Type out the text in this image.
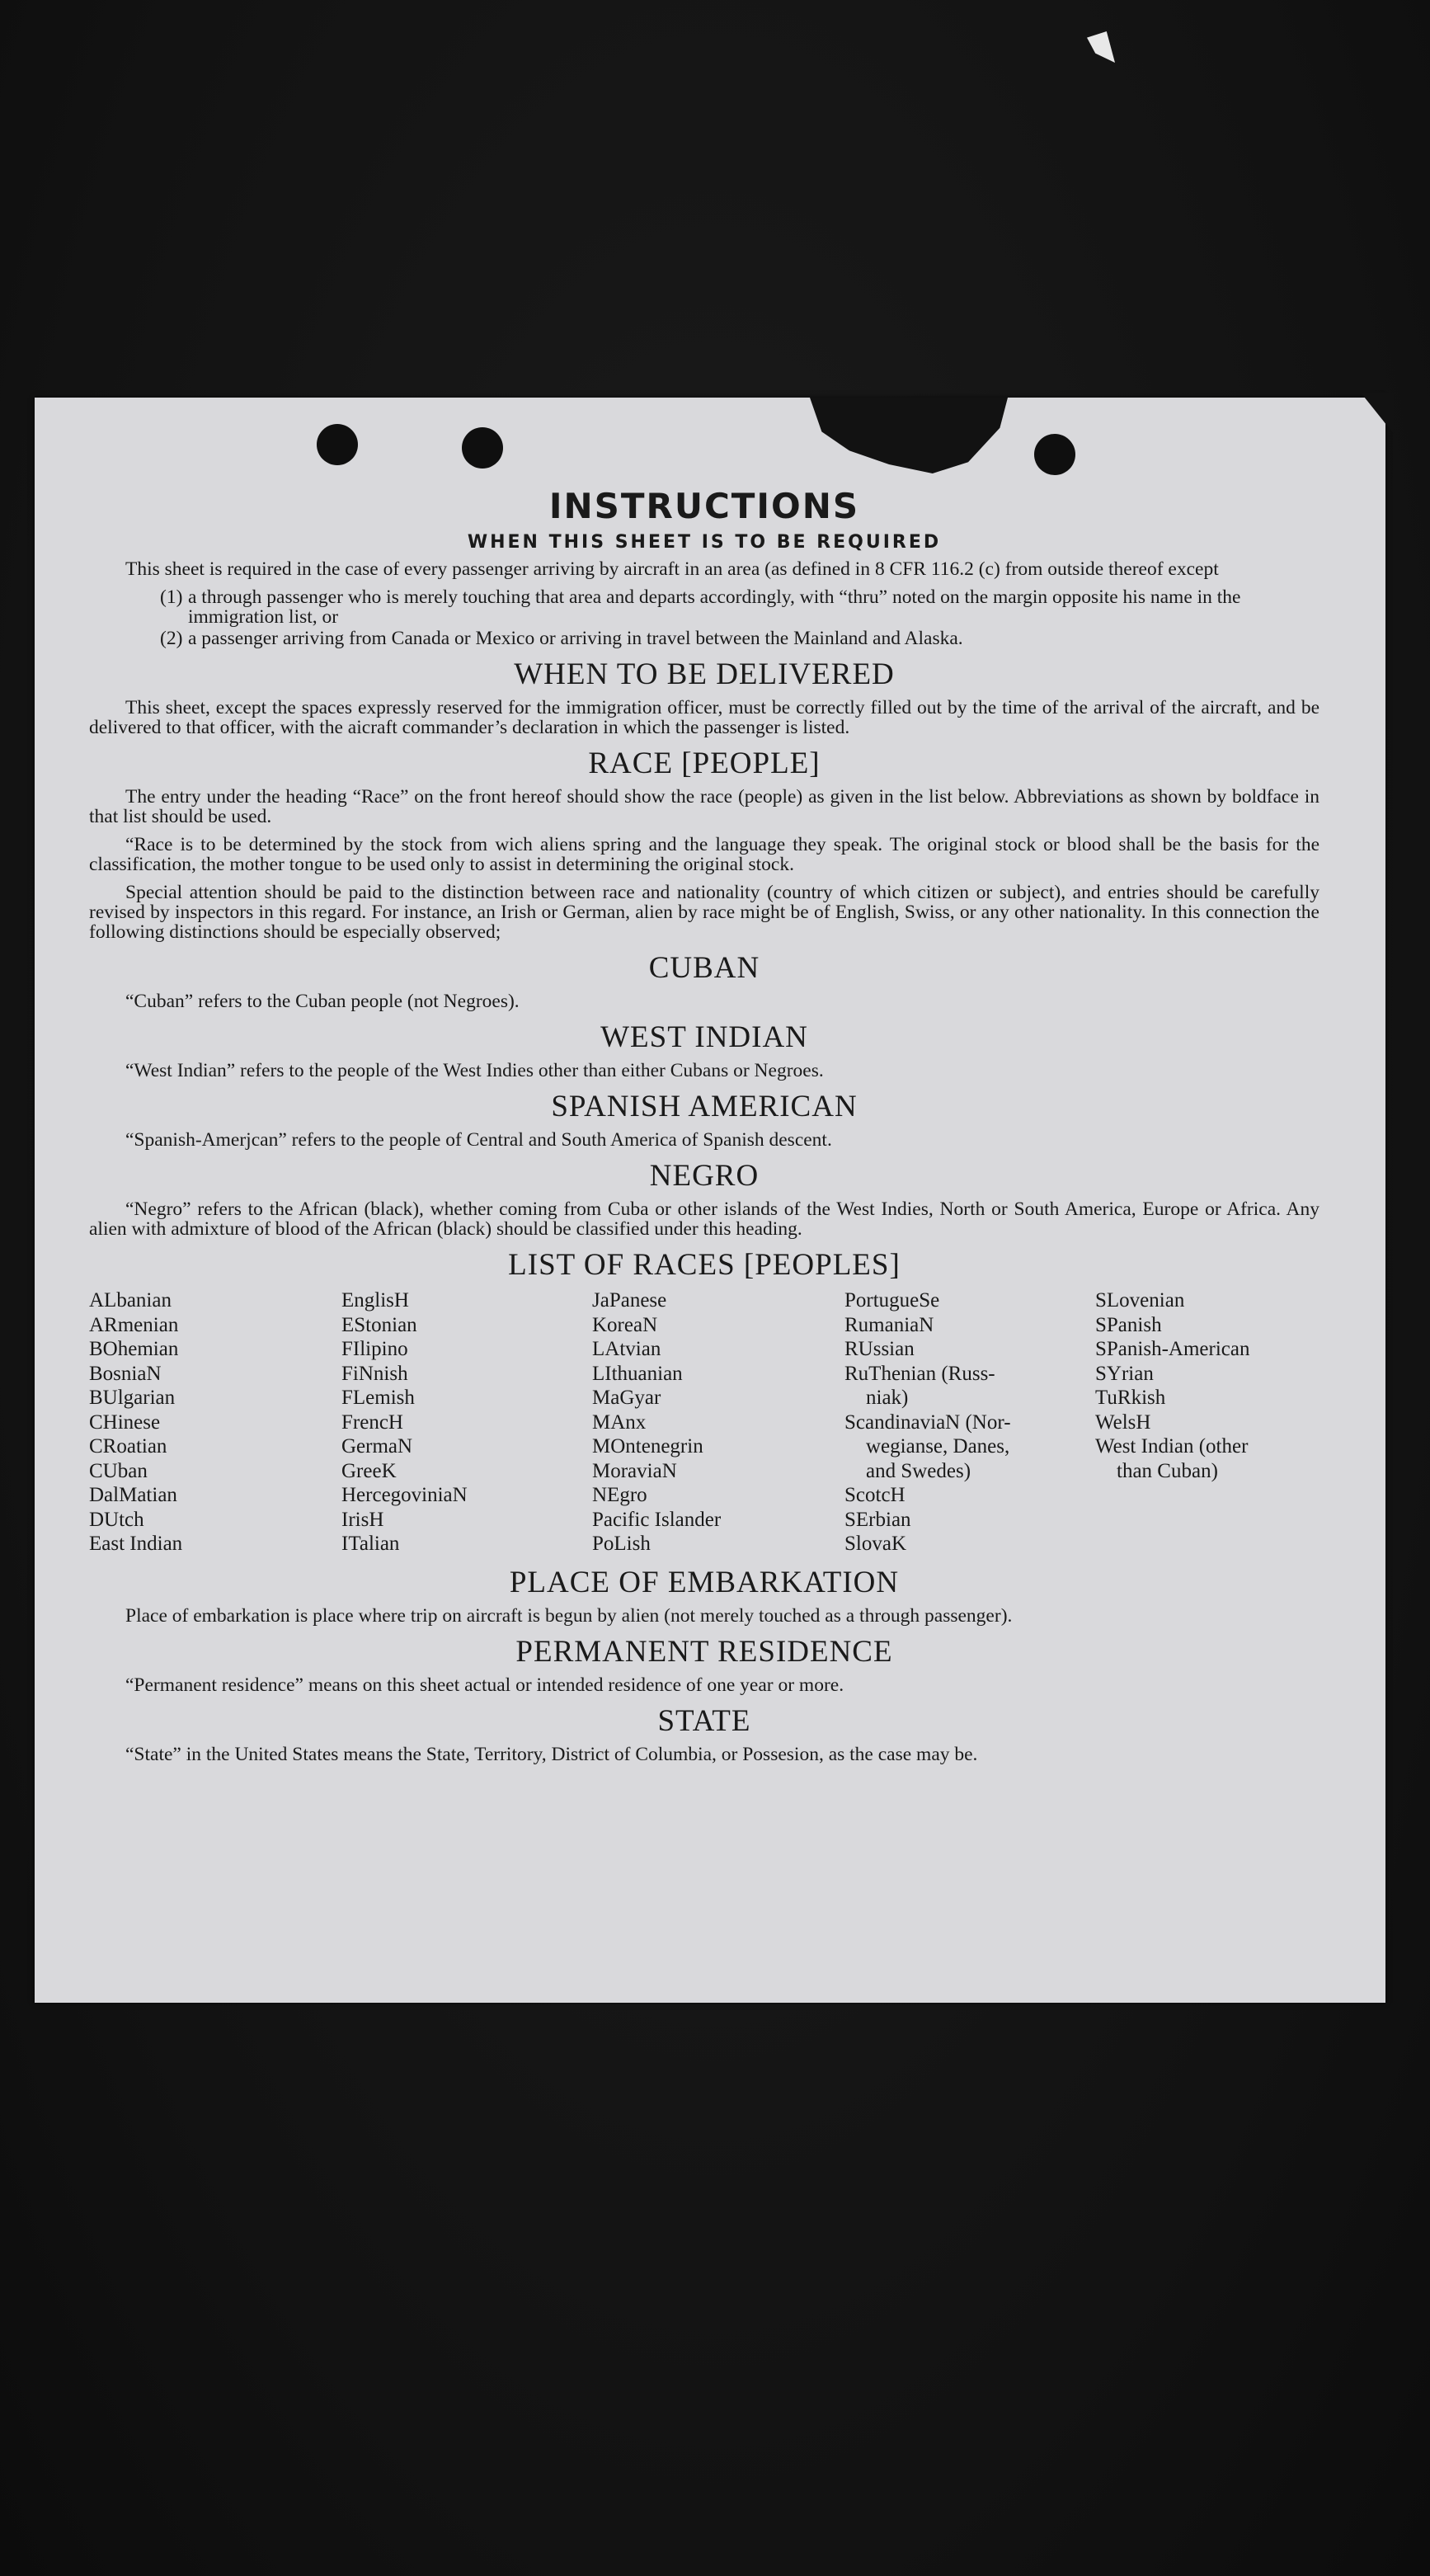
INSTRUCTIONS
WHEN THIS SHEET IS TO BE REQUIRED

This sheet is required in the case of every passenger arriving by aircraft in an area (as defined in 8 CFR 116.2 (c) from outside thereof except

(1) a through passenger who is merely touching that area and departs accordingly, with “thru” noted on the margin opposite his name in the immigration list, or
(2) a passenger arriving from Canada or Mexico or arriving in travel between the Mainland and Alaska.
WHEN TO BE DELIVERED

This sheet, except the spaces expressly reserved for the immigration officer, must be correctly filled out by the time of the arrival of the aircraft, and be delivered to that officer, with the aicraft commander’s declaration in which the passenger is listed.

RACE [PEOPLE]

The entry under the heading “Race” on the front hereof should show the race (people) as given in the list below. Abbreviations as shown by boldface in that list should be used.

“Race is to be determined by the stock from wich aliens spring and the language they speak. The original stock or blood shall be the basis for the classification, the mother tongue to be used only to assist in determining the original stock.

Special attention should be paid to the distinction between race and nationality (country of which citizen or subject), and entries should be carefully revised by inspectors in this regard. For instance, an Irish or German, alien by race might be of English, Swiss, or any other nationality. In this connection the following distinctions should be especially observed;

CUBAN

“Cuban” refers to the Cuban people (not Negroes).

WEST INDIAN

“West Indian” refers to the people of the West Indies other than either Cubans or Negroes.

SPANISH AMERICAN

“Spanish-Amerjcan” refers to the people of Central and South America of Spanish descent.

NEGRO

“Negro” refers to the African (black), whether coming from Cuba or other islands of the West Indies, North or South America, Europe or Africa. Any alien with admixture of blood of the African (black) should be classified under this heading.

LIST OF RACES [PEOPLES]
ALbanian
ARmenian
BOhemian
BosniaN
BUlgarian
CHinese
CRoatian
CUban
DalMatian
DUtch
East Indian
EnglisH
EStonian
FIlipino
FiNnish
FLemish
FrencH
GermaN
GreeK
HercegoviniaN
IrisH
ITalian
JaPanese
KoreaN
LAtvian
LIthuanian
MaGyar
MAnx
MOntenegrin
MoraviaN
NEgro
Pacific Islander
PoLish
PortugueSe
RumaniaN
RUssian
RuThenian (Russ-
niak)
ScandinaviaN (Nor-
wegianse, Danes,
and Swedes)
ScotcH
SErbian
SlovaK
SLovenian
SPanish
SPanish-American
SYrian
TuRkish
WelsH
West Indian (other
than Cuban)
PLACE OF EMBARKATION

Place of embarkation is place where trip on aircraft is begun by alien (not merely touched as a through passenger).

PERMANENT RESIDENCE

“Permanent residence” means on this sheet actual or intended residence of one year or more.

STATE

“State” in the United States means the State, Territory, District of Columbia, or Possesion, as the case may be.
